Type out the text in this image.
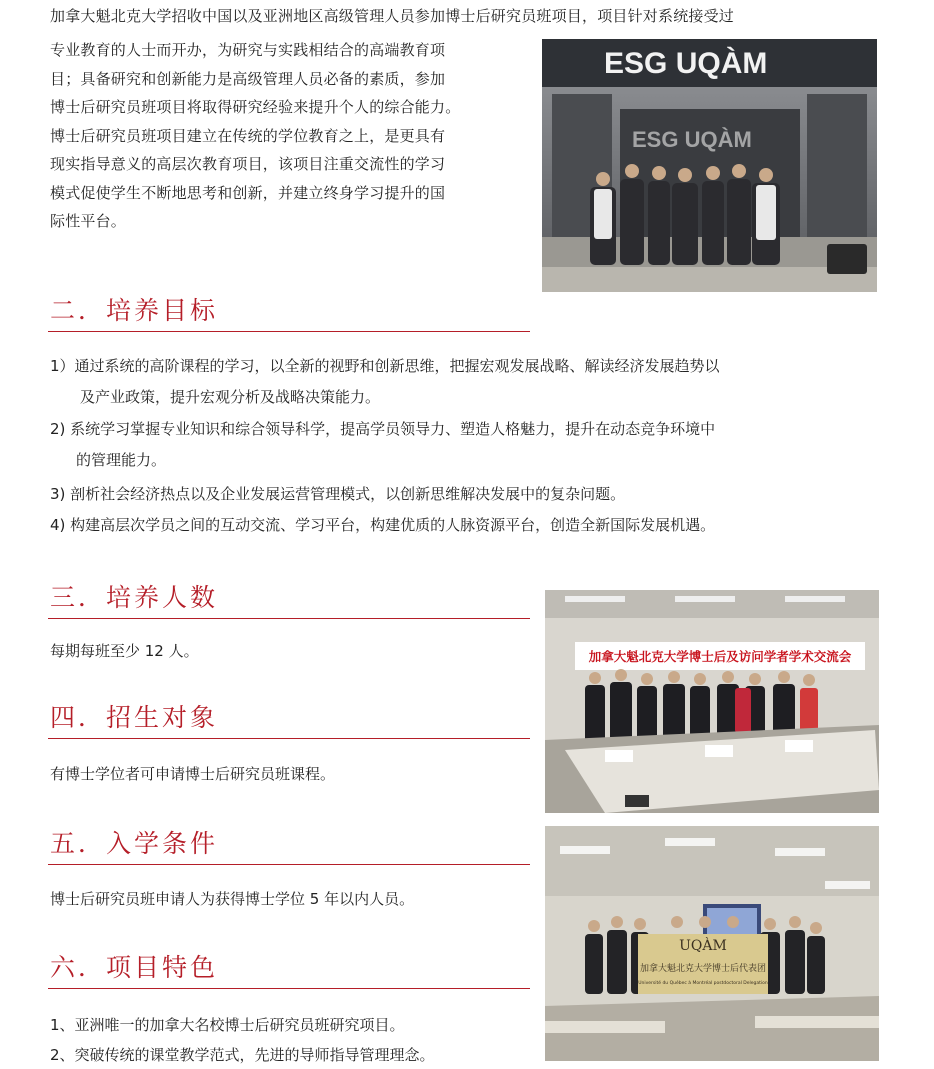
加拿大魁北克大学招收中国以及亚洲地区高级管理人员参加博士后研究员班项目，项目针对系统接受过
专业教育的人士而开办，为研究与实践相结合的高端教育项
目；具备研究和创新能力是高级管理人员必备的素质，参加
博士后研究员班项目将取得研究经验来提升个人的综合能力。
博士后研究员班项目建立在传统的学位教育之上，是更具有
现实指导意义的高层次教育项目，该项目注重交流性的学习
模式促使学生不断地思考和创新，并建立终身学习提升的国
际性平台。
ESG UQÀM
ESG UQÀM
二．培养目标
1）通过系统的高阶课程的学习，以全新的视野和创新思维，把握宏观发展战略、解读经济发展趋势以
及产业政策，提升宏观分析及战略决策能力。
2) 系统学习掌握专业知识和综合领导科学，提高学员领导力、塑造人格魅力，提升在动态竞争环境中
的管理能力。
3) 剖析社会经济热点以及企业发展运营管理模式，以创新思维解决发展中的复杂问题。
4) 构建高层次学员之间的互动交流、学习平台，构建优质的人脉资源平台，创造全新国际发展机遇。
三．培养人数
每期每班至少 12 人。	加拿大魁北克大学博士后及访问学者学术交流会
四．招生对象
有博士学位者可申请博士后研究员班课程。
UQÀM
加拿大魁北克大学博士后代表团
Université du Québec à Montréal postdoctoral Delegation
五．入学条件
博士后研究员班申请人为获得博士学位 5 年以内人员。
六．项目特色
1、亚洲唯一的加拿大名校博士后研究员班研究项目。
2、突破传统的课堂教学范式，先进的导师指导管理理念。
